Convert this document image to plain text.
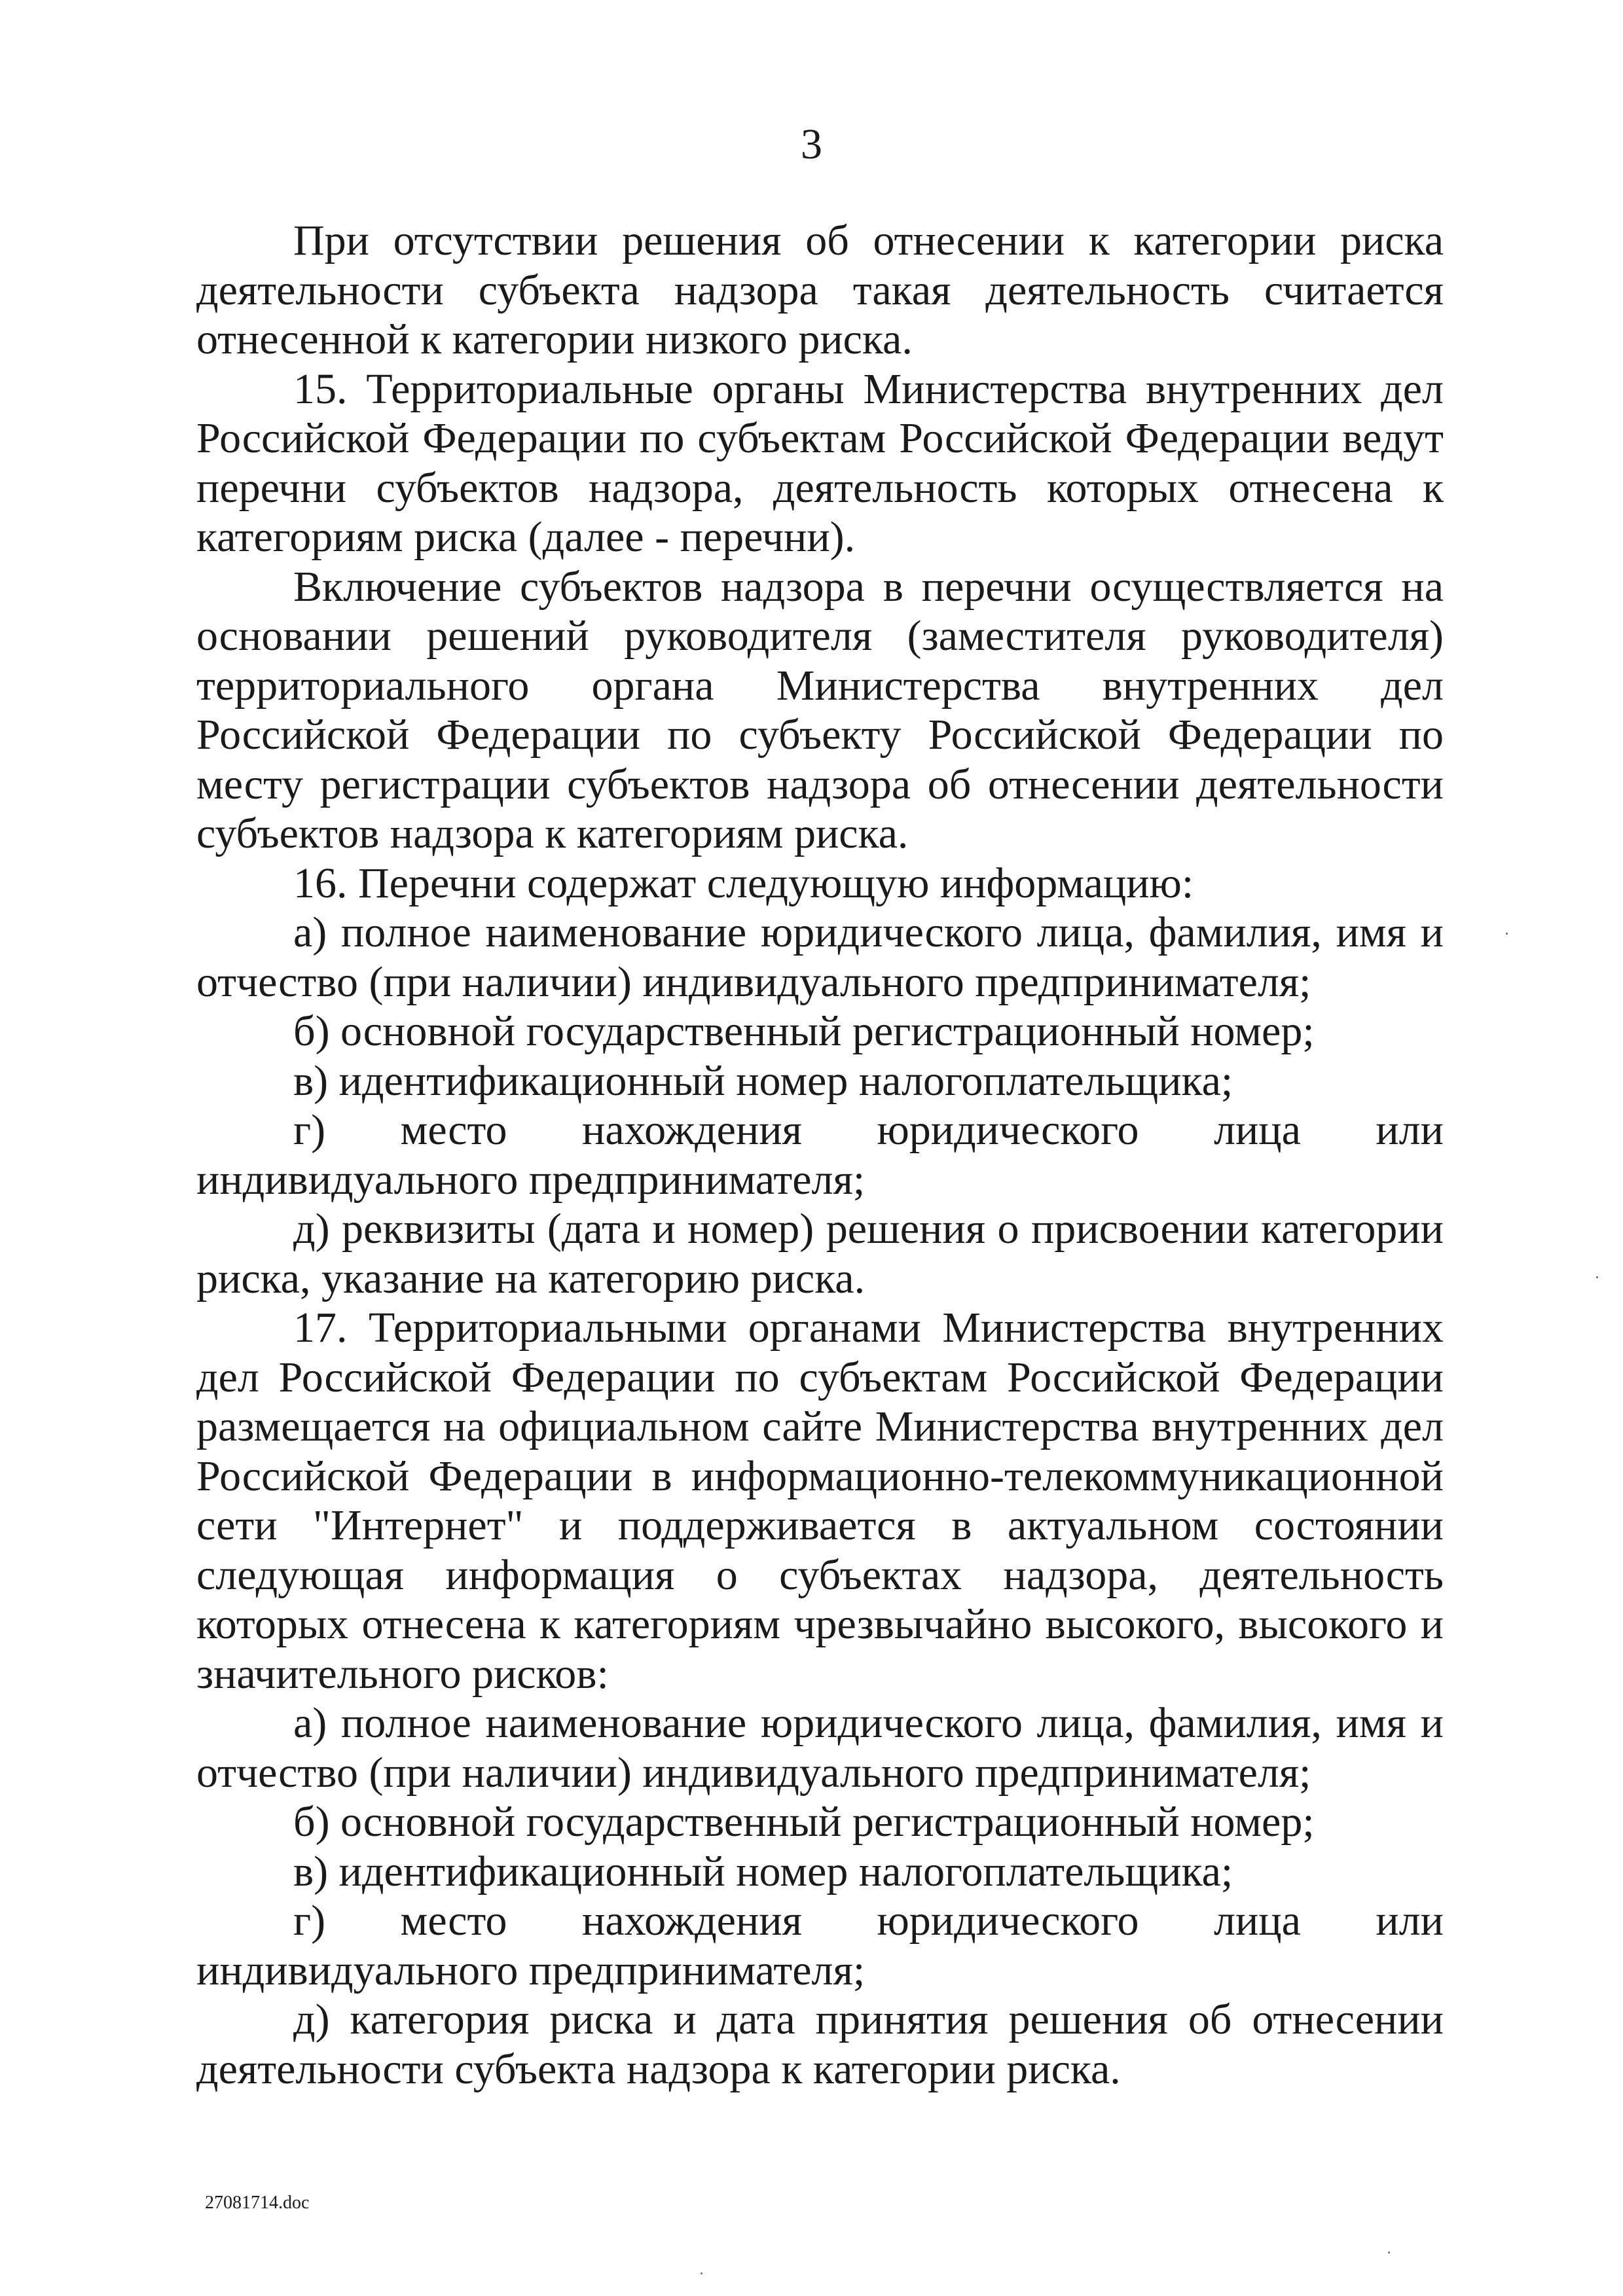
3

При отсутствии решения об отнесении к категории риска деятельности субъекта надзора такая деятельность считается отнесенной к категории низкого риска.

15. Территориальные органы Министерства внутренних дел Российской Федерации по субъектам Российской Федерации ведут перечни субъектов надзора, деятельность которых отнесена к категориям риска (далее - перечни).

Включение субъектов надзора в перечни осуществляется на основании решений руководителя (заместителя руководителя) территориального органа Министерства внутренних дел Российской Федерации по субъекту Российской Федерации по месту регистрации субъектов надзора об отнесении деятельности субъектов надзора к категориям риска.

16. Перечни содержат следующую информацию:

а) полное наименование юридического лица, фамилия, имя и отчество (при наличии) индивидуального предпринимателя;

б) основной государственный регистрационный номер;

в) идентификационный номер налогоплательщика;

г) место нахождения юридического лица или индивидуального предпринимателя;

д) реквизиты (дата и номер) решения о присвоении категории риска, указание на категорию риска.

17. Территориальными органами Министерства внутренних дел Российской Федерации по субъектам Российской Федерации размещается на официальном сайте Министерства внутренних дел Российской Федерации в информационно-телекоммуникационной сети "Интернет" и поддерживается в актуальном состоянии следующая информация о субъектах надзора, деятельность которых отнесена к категориям чрезвычайно высокого, высокого и значительного рисков:

а) полное наименование юридического лица, фамилия, имя и отчество (при наличии) индивидуального предпринимателя;

б) основной государственный регистрационный номер;

в) идентификационный номер налогоплательщика;

г) место нахождения юридического лица или индивидуального предпринимателя;

д) категория риска и дата принятия решения об отнесении деятельности субъекта надзора к категории риска.

27081714.doc
